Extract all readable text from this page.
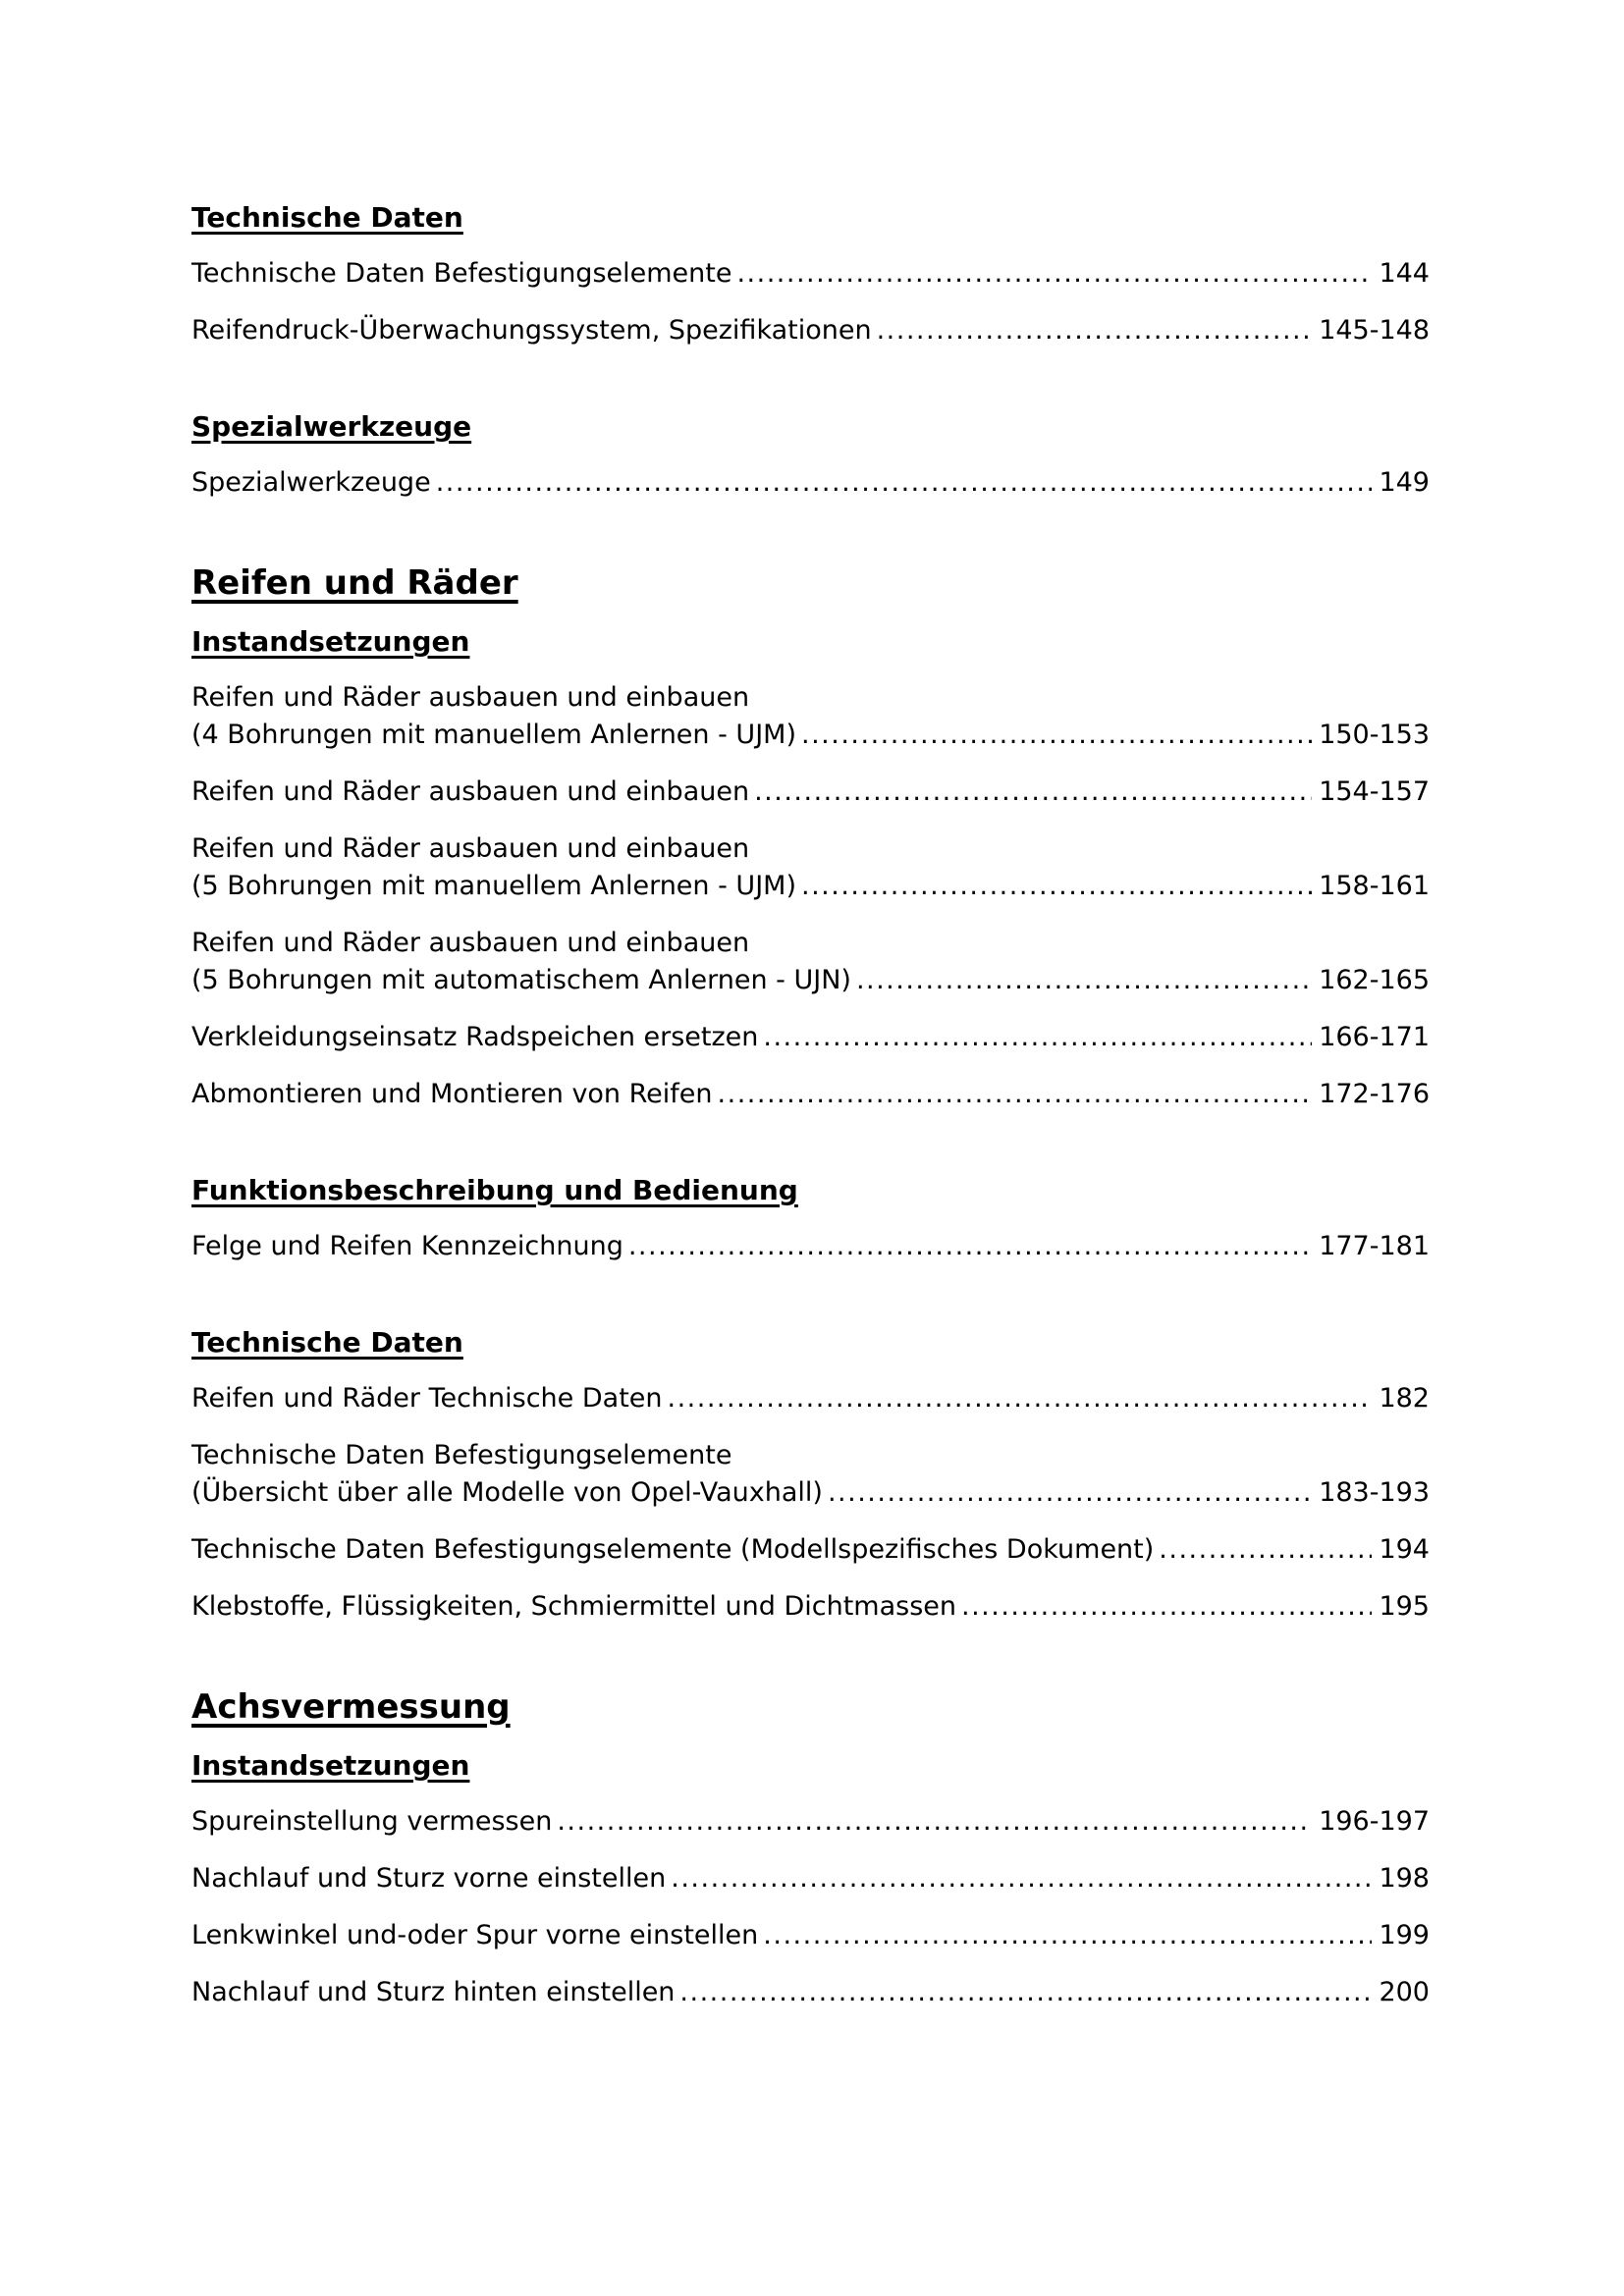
Technische Daten
Technische Daten Befestigungselemente .....	144
Reifendruck-Überwachungssystem, Spezifikationen .....	145-148
Spezialwerkzeuge
Spezialwerkzeuge .....	149
Reifen und Räder
Instandsetzungen
Reifen und Räder ausbauen und einbauen
(4 Bohrungen mit manuellem Anlernen - UJM) .....	150-153
Reifen und Räder ausbauen und einbauen .....	154-157
Reifen und Räder ausbauen und einbauen
(5 Bohrungen mit manuellem Anlernen - UJM) .....	158-161
Reifen und Räder ausbauen und einbauen
(5 Bohrungen mit automatischem Anlernen - UJN) .....	162-165
Verkleidungseinsatz Radspeichen ersetzen .....	166-171
Abmontieren und Montieren von Reifen .....	172-176
Funktionsbeschreibung und Bedienung
Felge und Reifen Kennzeichnung .....	177-181
Technische Daten
Reifen und Räder Technische Daten .....	182
Technische Daten Befestigungselemente
(Übersicht über alle Modelle von Opel-Vauxhall) .....	183-193
Technische Daten Befestigungselemente (Modellspezifisches Dokument) .....	194
Klebstoffe, Flüssigkeiten, Schmiermittel und Dichtmassen .....	195
Achsvermessung
Instandsetzungen
Spureinstellung vermessen .....	196-197
Nachlauf und Sturz vorne einstellen .....	198
Lenkwinkel und-oder Spur vorne einstellen .....	199
Nachlauf und Sturz hinten einstellen .....	200
